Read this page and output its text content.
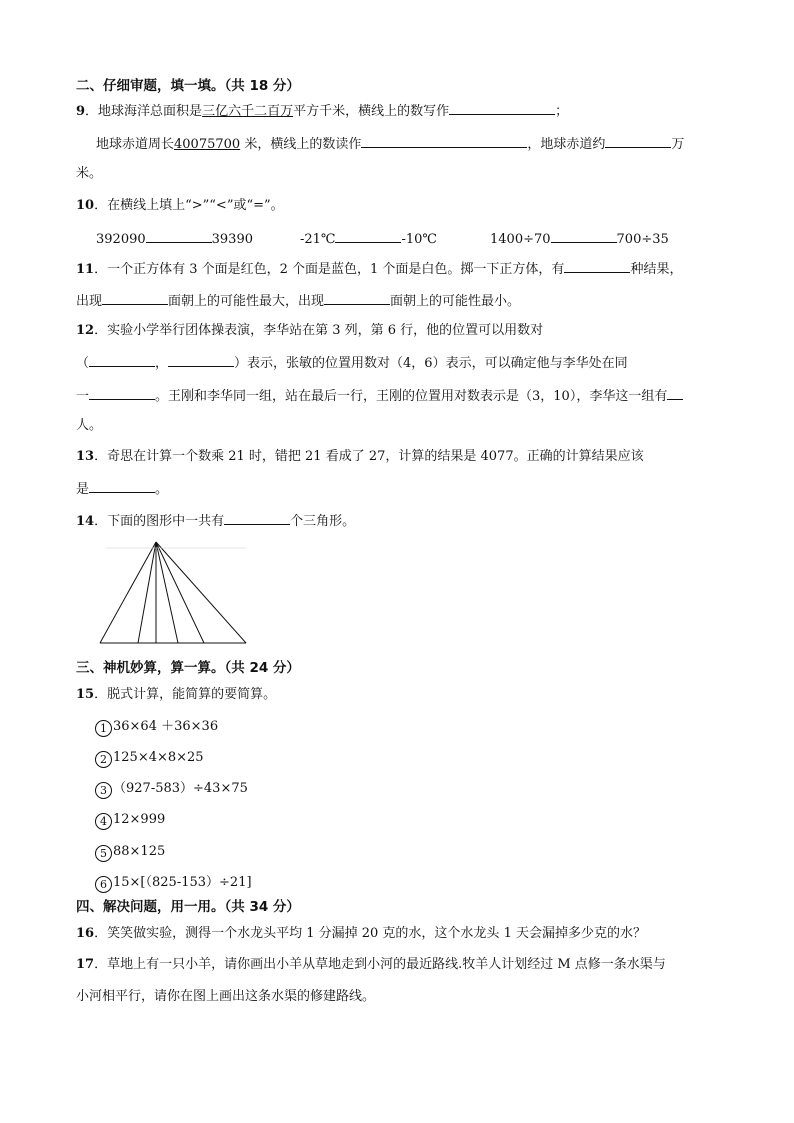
二、仔细审题，填一填。（共 18 分）
9．地球海洋总面积是三亿六千二百万平方千米，横线上的数写作	；
地球赤道周长40075700 米，横线上的数读作	，地球赤道约	万
米。
10．在横线上填上“>”“<”或“=”。
392090	39390	-21℃	-10℃	1400÷70	700÷35
11．一个正方体有 3 个面是红色，2 个面是蓝色，1 个面是白色。掷一下正方体，有	种结果，
出现	面朝上的可能性最大，出现	面朝上的可能性最小。
12．实验小学举行团体操表演，李华站在第 3 列，第 6 行，他的位置可以用数对
（	，	）表示，张敏的位置用数对（4，6）表示，可以确定他与李华处在同
一	。王刚和李华同一组，站在最后一行，王刚的位置用对数表示是（3，10），李华这一组有
人。
13．奇思在计算一个数乘 21 时，错把 21 看成了 27，计算的结果是 4077。正确的计算结果应该
是	。
14．下面的图形中一共有	个三角形。
三、神机妙算，算一算。（共 24 分）
15．脱式计算，能简算的要简算。
1 36×64 ＋36×36
2 125×4×8×25
3 （927-583）÷43×75
4 12×999
5 88×125
6 15×[（825-153）÷21]
四、解决问题，用一用。（共 34 分）
16．笑笑做实验，测得一个水龙头平均 1 分漏掉 20 克的水，这个水龙头 1 天会漏掉多少克的水？
17．草地上有一只小羊，请你画出小羊从草地走到小河的最近路线.牧羊人计划经过 M 点修一条水渠与
小河相平行，请你在图上画出这条水渠的修建路线。
